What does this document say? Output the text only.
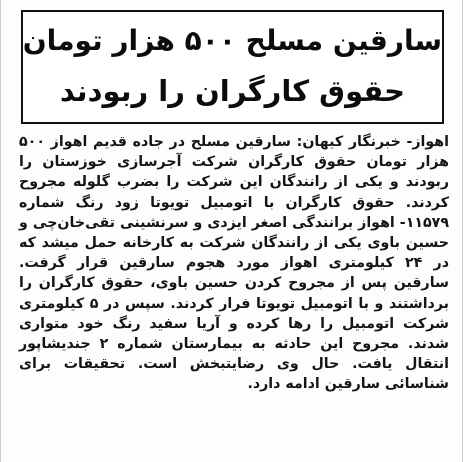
سارقین مسلح ۵۰۰ هزار تومان
حقوق کارگران را ربودند
اهواز- خبرنگار کیهان: سارقین مسلح در جاده قدیم اهواز ۵۰۰ هزار تومان حقوق کارگران شرکت آجرسازی خوزستان را ربودند و یکی از رانندگان این شرکت را بضرب گلوله مجروح کردند. حقوق کارگران با اتومبیل تویوتا زود رنگ شماره ۱۱۵۷۹- اهواز برانندگی اصغر ایزدی و سرنشینی تقی‌خان‌چی و حسین باوی یکی از رانندگان شرکت به کارخانه حمل میشد که در ۲۴ کیلومتری اهواز مورد هجوم سارقین قرار گرفت. سارقین پس از مجروح کردن حسین باوی، حقوق کارگران را برداشتند و با اتومبیل تویوتا فرار کردند. سپس در ۵ کیلومتری شرکت اتومبیل را رها کرده و آریا سفید رنگ خود متواری شدند. مجروح این حادثه به بیمارستان شماره ۲ جندیشاپور انتقال یافت. حال وی رضایتبخش است. تحقیقات برای شناسائی سارقین ادامه دارد.
